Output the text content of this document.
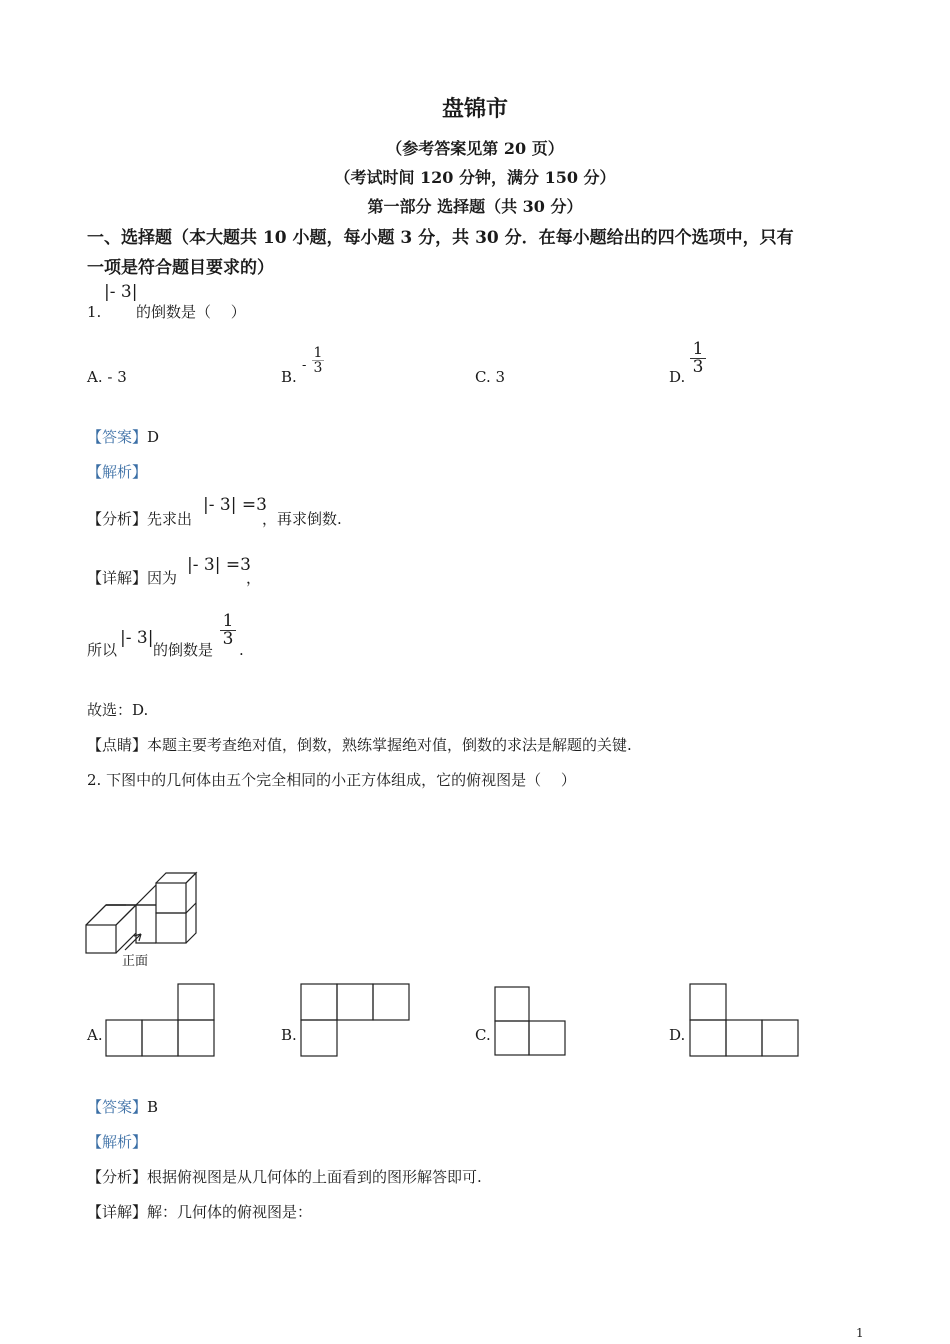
盘锦市
（参考答案见第 20 页）
（考试时间 120 分钟，满分 150 分）
第一部分 选择题（共 30 分）
一、选择题（本大题共 10 小题，每小题 3 分，共 30 分．在每小题给出的四个选项中，只有
一项是符合题目要求的）
1.
|- 3|
的倒数是（　 ）
A. - 3	B.
- $\frac{1}{3}$
C. 3	D.
$\frac{1}{3}$
【答案】D
【解析】
【分析】先求出
|- 3| =3
，再求倒数.
【详解】因为
|- 3| =3
，
所以
|- 3|
的倒数是
$\frac{1}{3}$
.
故选：D.
【点睛】本题主要考查绝对值，倒数，熟练掌握绝对值，倒数的求法是解题的关键.
2. 下图中的几何体由五个完全相同的小正方体组成，它的俯视图是（　 ）
正面
A.	B.	C.	D.
【答案】B
【解析】
【分析】根据俯视图是从几何体的上面看到的图形解答即可.
【详解】解：几何体的俯视图是：
1
